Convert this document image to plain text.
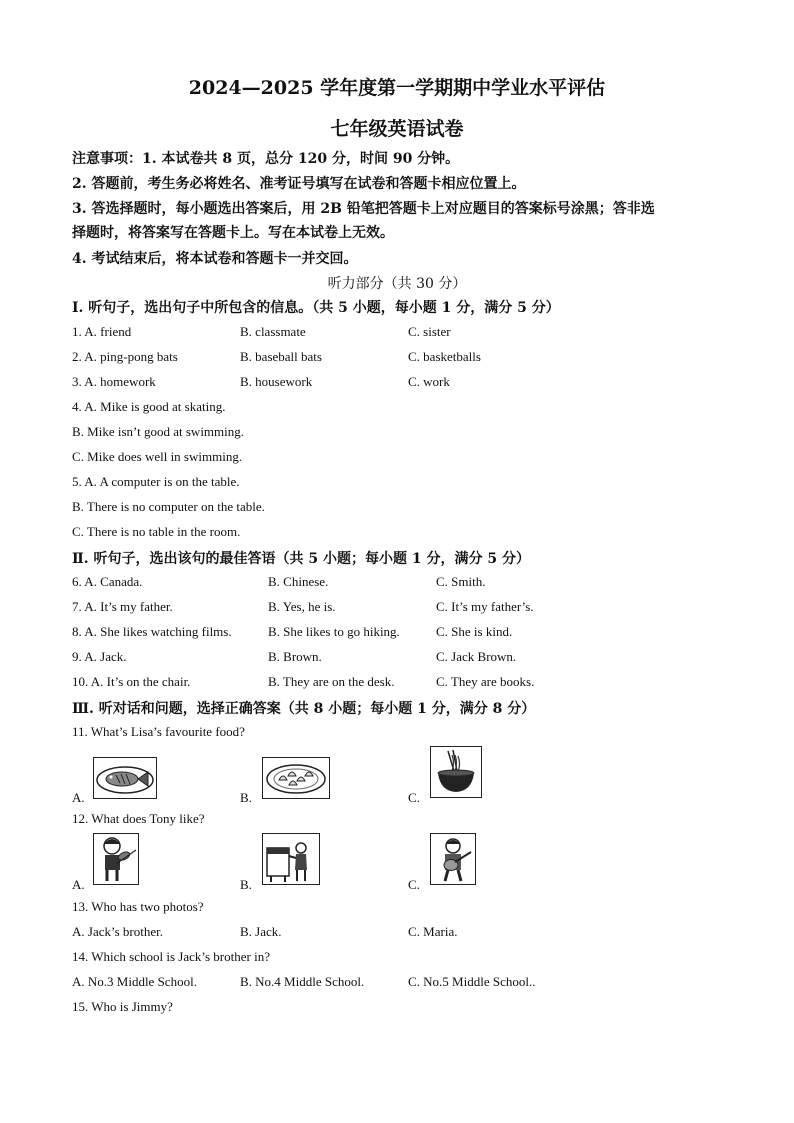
2024—2025 学年度第一学期期中学业水平评估
七年级英语试卷
注意事项：1. 本试卷共 8 页，总分 120 分，时间 90 分钟。
2. 答题前，考生务必将姓名、准考证号填写在试卷和答题卡相应位置上。
3. 答选择题时，每小题选出答案后，用 2B 铅笔把答题卡上对应题目的答案标号涂黑；答非选
择题时，将答案写在答题卡上。写在本试卷上无效。
4. 考试结束后，将本试卷和答题卡一并交回。
听力部分（共 30 分）
I. 听句子，选出句子中所包含的信息。（共 5 小题，每小题 1 分，满分 5 分）
1. A. friend	B. classmate	C. sister
2. A. ping-pong bats	B. baseball bats	C. basketballs
3. A. homework	B. housework	C. work
4. A. Mike is good at skating.
B. Mike isn’t good at swimming.
C. Mike does well in swimming.
5. A. A computer is on the table.
B. There is no computer on the table.
C. There is no table in the room.
Ⅱ. 听句子，选出该句的最佳答语（共 5 小题；每小题 1 分，满分 5 分）
6. A. Canada.	B. Chinese.	C. Smith.
7. A. It’s my father.	B. Yes, he is.	C. It’s my father’s.
8. A. She likes watching films.	B. She likes to go hiking.	C. She is kind.
9. A. Jack.	B. Brown.	C. Jack Brown.
10. A. It’s on the chair.	B. They are on the desk.	C. They are books.
Ⅲ. 听对话和问题，选择正确答案（共 8 小题；每小题 1 分，满分 8 分）
11. What’s Lisa’s favourite food?
A.	B.	C.
12. What does Tony like?
A.	B.	C.
13. Who has two photos?
A. Jack’s brother.	B. Jack.	C. Maria.
14. Which school is Jack’s brother in?
A. No.3 Middle School.	B. No.4 Middle School.	C. No.5 Middle School..
15. Who is Jimmy?
